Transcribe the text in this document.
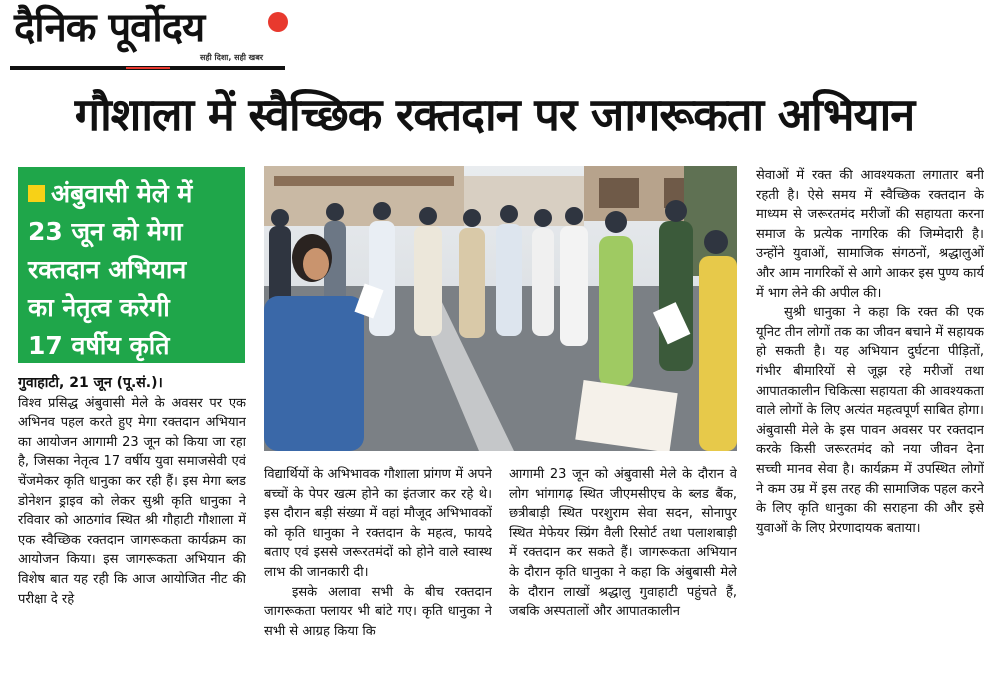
दैनिक पूर्वोदय
सही दिशा, सही खबर
गौशाला में स्वैच्छिक रक्तदान पर जागरूकता अभियान

अंबुवासी मेले में

23 जून को मेगा

रक्तदान अभियान

का नेतृत्व करेगी

17 वर्षीय कृति

गुवाहाटी, 21 जून (पू.सं.)।

विश्व प्रसिद्ध अंबुवासी मेले के अवसर पर एक अभिनव पहल करते हुए मेगा रक्तदान अभियान का आयोजन आगामी 23 जून को किया जा रहा है, जिसका नेतृत्व 17 वर्षीय युवा समाजसेवी एवं चेंजमेकर कृति धानुका कर रही हैं। इस मेगा ब्लड डोनेशन ड्राइव को लेकर सुश्री कृति धानुका ने रविवार को आठगांव स्थित श्री गौहाटी गौशाला में एक स्वैच्छिक रक्तदान जागरूकता कार्यक्रम का आयोजन किया। इस जागरूकता अभियान की विशेष बात यह रही कि आज आयोजित नीट की परीक्षा दे रहे

विद्यार्थियों के अभिभावक गौशाला प्रांगण में अपने बच्चों के पेपर खत्म होने का इंतजार कर रहे थे। इस दौरान बड़ी संख्या में वहां मौजूद अभिभावकों को कृति धानुका ने रक्तदान के महत्व, फायदे बताए एवं इससे जरूरतमंदों को होने वाले स्वास्थ लाभ की जानकारी दी।

इसके अलावा सभी के बीच रक्तदान जागरूकता फ्लायर भी बांटे गए। कृति धानुका ने सभी से आग्रह किया कि

आगामी 23 जून को अंबुवासी मेले के दौरान वे लोग भांगागढ़ स्थित जीएमसीएच के ब्लड बैंक, छत्रीबाड़ी स्थित परशुराम सेवा सदन, सोनापुर स्थित मेफेयर स्प्रिंग वैली रिसोर्ट तथा पलाशबाड़ी में रक्तदान कर सकते हैं। जागरूकता अभियान के दौरान कृति धानुका ने कहा कि अंबुबासी मेले के दौरान लाखों श्रद्धालु गुवाहाटी पहुंचते हैं, जबकि अस्पतालों और आपातकालीन

सेवाओं में रक्त की आवश्यकता लगातार बनी रहती है। ऐसे समय में स्वैच्छिक रक्तदान के माध्यम से जरूरतमंद मरीजों की सहायता करना समाज के प्रत्येक नागरिक की जिम्मेदारी है। उन्होंने युवाओं, सामाजिक संगठनों, श्रद्धालुओं और आम नागरिकों से आगे आकर इस पुण्य कार्य में भाग लेने की अपील की।

सुश्री धानुका ने कहा कि रक्त की एक यूनिट तीन लोगों तक का जीवन बचाने में सहायक हो सकती है। यह अभियान दुर्घटना पीड़ितों, गंभीर बीमारियों से जूझ रहे मरीजों तथा आपातकालीन चिकित्सा सहायता की आवश्यकता वाले लोगों के लिए अत्यंत महत्वपूर्ण साबित होगा। अंबुवासी मेले के इस पावन अवसर पर रक्तदान करके किसी जरूरतमंद को नया जीवन देना सच्ची मानव सेवा है। कार्यक्रम में उपस्थित लोगों ने कम उम्र में इस तरह की सामाजिक पहल करने के लिए कृति धानुका की सराहना की और इसे युवाओं के लिए प्रेरणादायक बताया।
